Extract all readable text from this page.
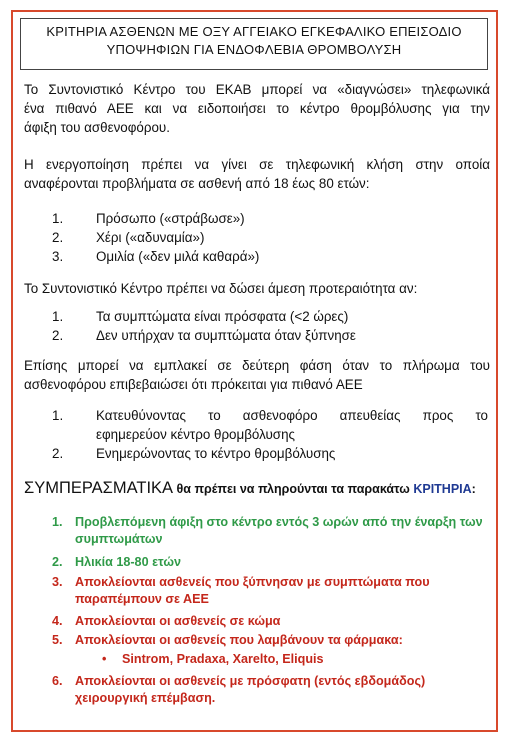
ΚΡΙΤΗΡΙΑ ΑΣΘΕΝΩΝ ΜΕ ΟΞΥ ΑΓΓΕΙΑΚΟ ΕΓΚΕΦΑΛΙΚΟ ΕΠΕΙΣΟΔΙΟ
ΥΠΟΨΗΦΙΩΝ ΓΙΑ ΕΝΔΟΦΛΕΒΙΑ ΘΡΟΜΒΟΛΥΣΗ
Το Συντονιστικό Κέντρο του ΕΚΑΒ μπορεί να «διαγνώσει» τηλεφωνικά
ένα πιθανό ΑΕΕ και να ειδοποιήσει το κέντρο θρομβόλυσης για την
άφιξη του ασθενοφόρου.
Η ενεργοποίηση πρέπει να γίνει σε τηλεφωνική κλήση στην οποία
αναφέρονται προβλήματα σε ασθενή από 18 έως 80 ετών:
1. Πρόσωπο («στράβωσε»)
2. Χέρι («αδυναμία»)
3. Ομιλία («δεν μιλά καθαρά»)
Το Συντονιστικό Κέντρο πρέπει να δώσει άμεση προτεραιότητα αν:
1. Τα συμπτώματα είναι πρόσφατα (<2 ώρες)
2. Δεν υπήρχαν τα συμπτώματα όταν ξύπνησε
Επίσης μπορεί να εμπλακεί σε δεύτερη φάση όταν το πλήρωμα του
ασθενοφόρου επιβεβαιώσει ότι πρόκειται για πιθανό ΑΕΕ
1. Κατευθύνοντας το ασθενοφόρο απευθείας προς το
εφημερεύον κέντρο θρομβόλυσης
2. Ενημερώνοντας το κέντρο θρομβόλυσης
ΣΥΜΠΕΡΑΣΜΑΤΙΚΑ θα πρέπει να πληρούνται τα παρακάτω ΚΡΙΤΗΡΙΑ:
1. Προβλεπόμενη άφιξη στο κέντρο εντός 3 ωρών από την έναρξη των
συμπτωμάτων
2. Ηλικία 18-80 ετών
3. Αποκλείονται ασθενείς που ξύπνησαν με συμπτώματα που
παραπέμπουν σε ΑΕΕ
4. Αποκλείονται οι ασθενείς σε κώμα
5. Αποκλείονται οι ασθενείς που λαμβάνουν τα φάρμακα:
• Sintrom, Pradaxa, Xarelto, Eliquis
6. Αποκλείονται οι ασθενείς με πρόσφατη (εντός εβδομάδος)
χειρουργική επέμβαση.
